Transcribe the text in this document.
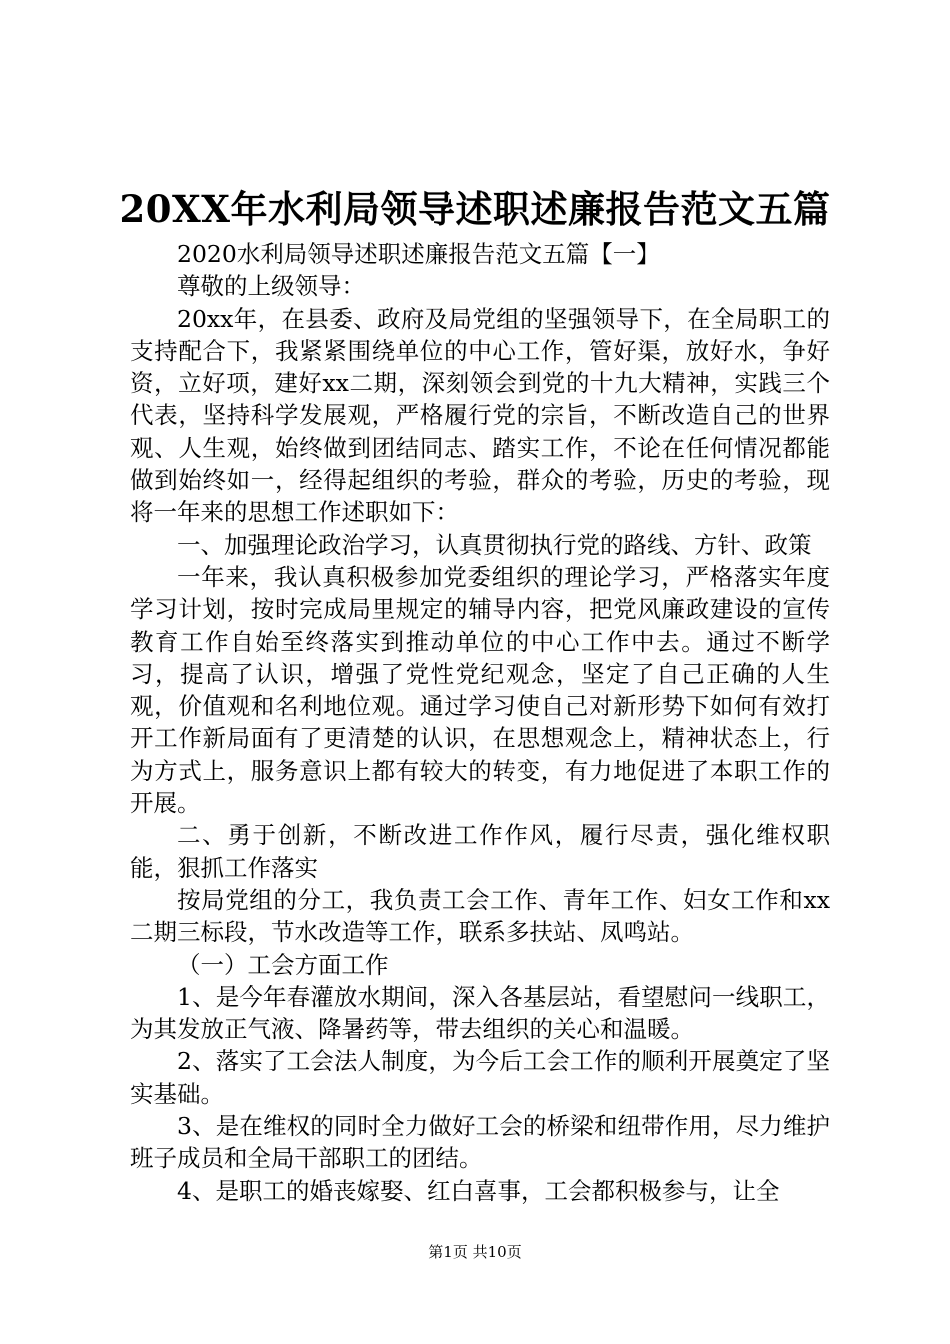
20XX年水利局领导述职述廉报告范文五篇

2020水利局领导述职述廉报告范文五篇【一】

尊敬的上级领导：

20xx年，在县委、政府及局党组的坚强领导下，在全局职工的支持配合下，我紧紧围绕单位的中心工作，管好渠，放好水，争好资，立好项，建好xx二期，深刻领会到党的十九大精神，实践三个代表，坚持科学发展观，严格履行党的宗旨，不断改造自己的世界观、人生观，始终做到团结同志、踏实工作，不论在任何情况都能做到始终如一，经得起组织的考验，群众的考验，历史的考验，现将一年来的思想工作述职如下：

一、加强理论政治学习，认真贯彻执行党的路线、方针、政策

一年来，我认真积极参加党委组织的理论学习，严格落实年度学习计划，按时完成局里规定的辅导内容，把党风廉政建设的宣传教育工作自始至终落实到推动单位的中心工作中去。通过不断学习，提高了认识，增强了党性党纪观念，坚定了自己正确的人生观，价值观和名利地位观。通过学习使自己对新形势下如何有效打开工作新局面有了更清楚的认识，在思想观念上，精神状态上，行为方式上，服务意识上都有较大的转变，有力地促进了本职工作的开展。

二、勇于创新，不断改进工作作风，履行尽责，强化维权职能，狠抓工作落实

按局党组的分工，我负责工会工作、青年工作、妇女工作和xx二期三标段，节水改造等工作，联系多扶站、凤鸣站。

（一）工会方面工作

1、是今年春灌放水期间，深入各基层站，看望慰问一线职工，为其发放正气液、降暑药等，带去组织的关心和温暖。

2、落实了工会法人制度，为今后工会工作的顺利开展奠定了坚实基础。

3、是在维权的同时全力做好工会的桥梁和纽带作用，尽力维护班子成员和全局干部职工的团结。

4、是职工的婚丧嫁娶、红白喜事，工会都积极参与，让全

第1页 共10页
